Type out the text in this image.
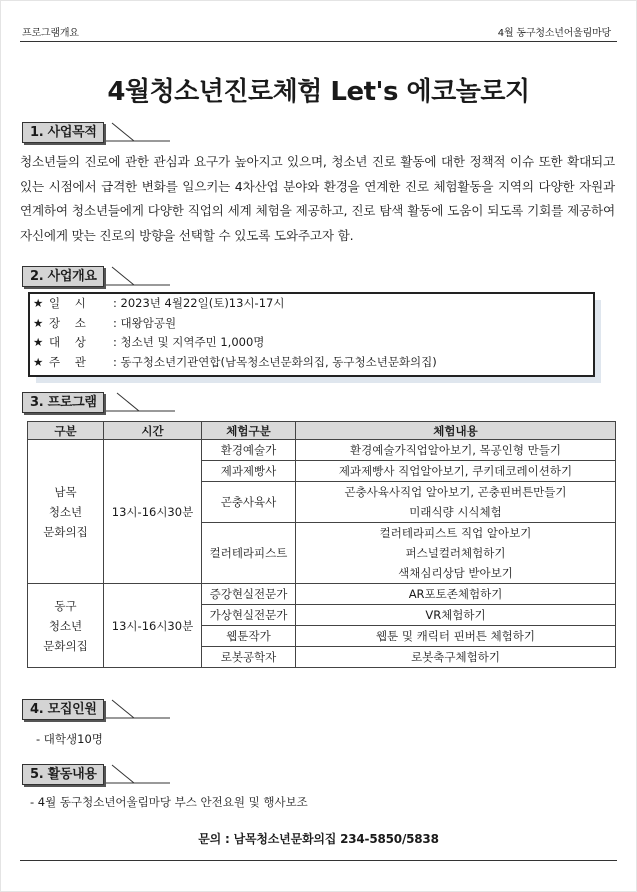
프로그램개요	4월 동구청소년어울림마당
4월청소년진로체험 Let's 에코놀로지
1. 사업목적

청소년들의 진로에 관한 관심과 요구가 높아지고 있으며, 청소년 진로 활동에 대한 정책적 이슈 또한 확대되고 있는 시점에서 급격한 변화를 일으키는 4차산업 분야와 환경을 연계한 진로 체험활동을 지역의 다양한 자원과 연계하여 청소년들에게 다양한 직업의 세계 체험을 제공하고, 진로 탐색 활동에 도움이 되도록 기회를 제공하여 자신에게 맞는 진로의 방향을 선택할 수 있도록 도와주고자 함.

2. 사업개요
★ 일    시 : 2023년 4월22일(토)13시-17시
★ 장    소 : 대왕암공원
★ 대    상 : 청소년 및 지역주민 1,000명
★ 주    관 : 동구청소년기관연합(남목청소년문화의집, 동구청소년문화의집)
3. 프로그램
구분	시간	체험구분	체험내용

남목
청소년
문화의집	13시-16시30분	환경예술가	환경예술가직업알아보기, 목공인형 만들기
		제과제빵사	제과제빵사 직업알아보기, 쿠키데코레이션하기
		곤충사육사	곤충사육사직업 알아보기, 곤충핀버튼만들기
미래식량 시식체험

		컬러테라피스트	컬러테라피스트 직업 알아보기
퍼스널컬러체험하기
색채심리상담 받아보기

동구
청소년
문화의집	13시-16시30분	증강현실전문가	AR포토존체험하기
		가상현실전문가	VR체험하기
		웹툰작가	웹툰 및 캐릭터 핀버튼 체험하기
		로봇공학자	로봇축구체험하기
4. 모집인원
- 대학생10명
5. 활동내용
- 4월 동구청소년어울림마당 부스 안전요원 및 행사보조
문의 : 남목청소년문화의집 234-5850/5838
